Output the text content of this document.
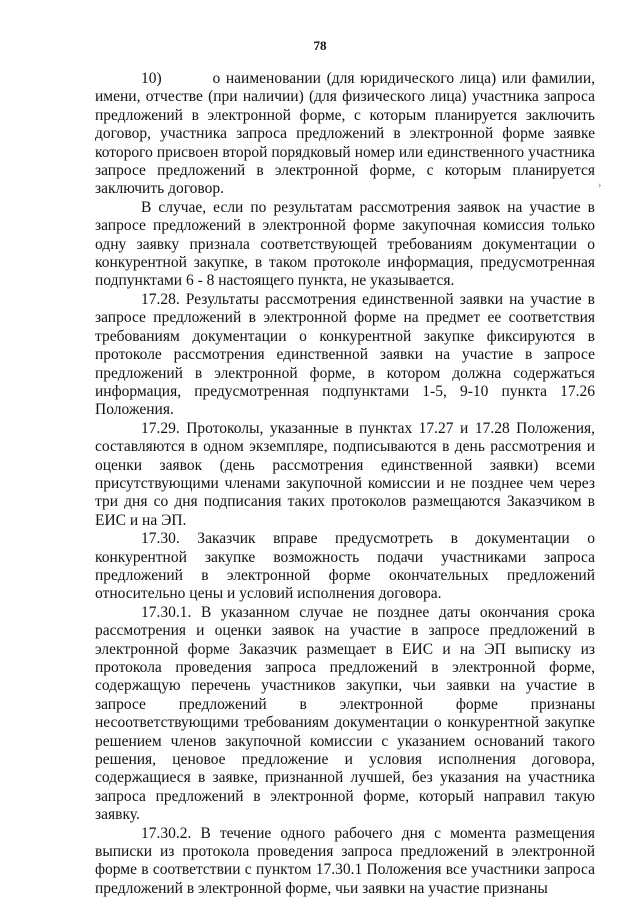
78

10)         о наименовании (для юридического лица) или фамилии, имени, отчестве (при наличии) (для физического лица) участника запроса предложений в электронной форме, с которым планируется заключить договор, участника запроса предложений в электронной форме заявке которого присвоен второй порядковый номер или единственного участника запросе предложений в электронной форме, с которым планируется заключить договор.

В случае, если по результатам рассмотрения заявок на участие в запросе предложений в электронной форме закупочная комиссия только одну заявку признала соответствующей требованиям документации о конкурентной закупке, в таком протоколе информация, предусмотренная подпунктами 6 - 8 настоящего пункта, не указывается.

17.28. Результаты рассмотрения единственной заявки на участие в запросе предложений в электронной форме на предмет ее соответствия требованиям документации о конкурентной закупке фиксируются в протоколе рассмотрения единственной заявки на участие в запросе предложений в электронной форме, в котором должна содержаться информация, предусмотренная подпунктами 1-5, 9-10 пункта 17.26 Положения.

17.29. Протоколы, указанные в пунктах 17.27 и 17.28 Положения, составляются в одном экземпляре, подписываются в день рассмотрения и оценки заявок (день рассмотрения единственной заявки) всеми присутствующими членами закупочной комиссии и не позднее чем через три дня со дня подписания таких протоколов размещаются Заказчиком в ЕИС и на ЭП.

17.30. Заказчик вправе предусмотреть в документации о конкурентной закупке возможность подачи участниками запроса предложений в электронной форме окончательных предложений относительно цены и условий исполнения договора.

17.30.1. В указанном случае не позднее даты окончания срока рассмотрения и оценки заявок на участие в запросе предложений в электронной форме Заказчик размещает в ЕИС и на ЭП выписку из протокола проведения запроса предложений в электронной форме, содержащую перечень участников закупки, чьи заявки на участие в запросе предложений в электронной форме признаны несоответствующими требованиям документации о конкурентной закупке решением членов закупочной комиссии с указанием оснований такого решения, ценовое предложение и условия исполнения договора, содержащиеся в заявке, признанной лучшей, без указания на участника запроса предложений в электронной форме, который направил такую заявку.

17.30.2. В течение одного рабочего дня с момента размещения выписки из протокола проведения запроса предложений в электронной форме в соответствии с пунктом 17.30.1 Положения все участники запроса предложений в электронной форме, чьи заявки на участие признаны

›
